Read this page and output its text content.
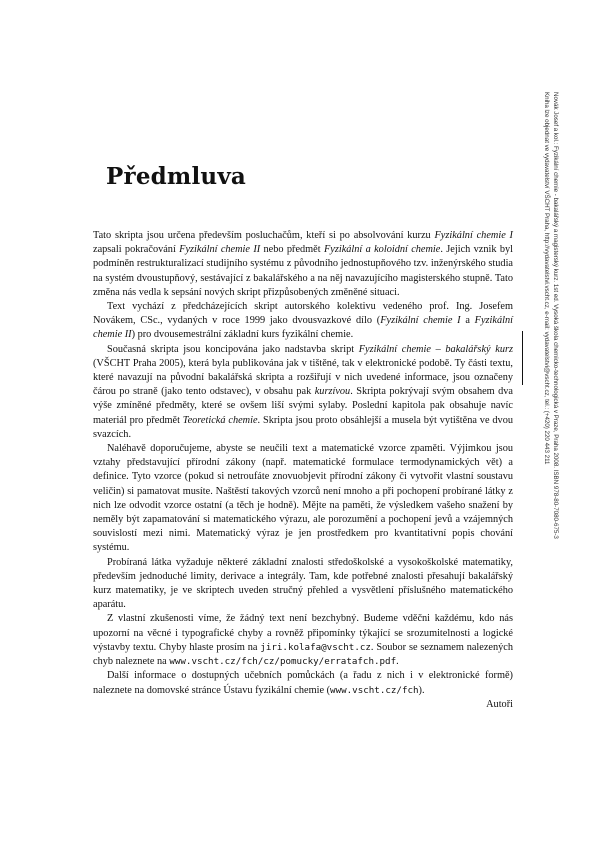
Novák Josef a kol.: Fyzikální chemie - bakalářský a magisterský kurz. 1st ed. Vysoká škola chemicko-technologická v Praze, Praha 2008. ISBN 978-80-7080-675-3
Kniha lze objednat ve vydavatelství VŠCHT Praha, http://vydavatelstvi.vscht.cz, e-mail: vydavatelstvi@vscht.cz, tel.: (+420) 220 443 211
Předmluva

Tato skripta jsou určena především posluchačům, kteří si po absolvování kurzu Fyzikální chemie I zapsali pokračování Fyzikální chemie II nebo předmět Fyzikální a koloidní chemie. Jejich vznik byl podmíněn restrukturalizací studijního systému z původního jednostupňového tzv. inženýrského studia na systém dvoustupňový, sestávající z bakalářského a na něj navazujícího magisterského stupně. Tato změna nás vedla k sepsání nových skript přizpůsobených změněné situaci.

Text vychází z předcházejících skript autorského kolektivu vedeného prof. Ing. Josefem Novákem, CSc., vydaných v roce 1999 jako dvousvazkové dílo (Fyzikální chemie I a Fyzikální chemie II) pro dvousemestrální základní kurs fyzikální chemie.

Současná skripta jsou koncipována jako nadstavba skript Fyzikální chemie – bakalářský kurz (VŠCHT Praha 2005), která byla publikována jak v tištěné, tak v elektronické podobě. Ty části textu, které navazují na původní bakalářská skripta a rozšiřují v nich uvedené informace, jsou označeny čárou po straně (jako tento odstavec), v obsahu pak kurzívou. Skripta pokrývají svým obsahem dva výše zmíněné předměty, které se ovšem liší svými sylaby. Poslední kapitola pak obsahuje navíc materiál pro předmět Teoretická chemie. Skripta jsou proto obsáhlejší a musela být vytištěna ve dvou svazcích.

Naléhavě doporučujeme, abyste se neučili text a matematické vzorce zpaměti. Výjimkou jsou vztahy představující přírodní zákony (např. matematické formulace termodynamických vět) a definice. Tyto vzorce (pokud si netroufáte znovuobjevit přírodní zákony či vytvořit vlastní soustavu veličin) si pamatovat musíte. Naštěstí takových vzorců není mnoho a při pochopení probírané látky z nich lze odvodit vzorce ostatní (a těch je hodně). Mějte na paměti, že výsledkem vašeho snažení by neměly být zapamatování si matematického výrazu, ale porozumění a pochopení jevů a vzájemných souvislostí mezi nimi. Matematický výraz je jen prostředkem pro kvantitativní popis chování systému.

Probíraná látka vyžaduje některé základní znalosti středoškolské a vysokoškolské matematiky, především jednoduché limity, derivace a integrály. Tam, kde potřebné znalosti přesahují bakalářský kurz matematiky, je ve skriptech uveden stručný přehled a vysvětlení příslušného matematického aparátu.

Z vlastní zkušenosti víme, že žádný text není bezchybný. Budeme vděčni každému, kdo nás upozorní na věcné i typografické chyby a rovněž připomínky týkající se srozumitelnosti a logické výstavby textu. Chyby hlaste prosím na jiri.kolafa@vscht.cz. Soubor se seznamem nalezených chyb naleznete na www.vscht.cz/fch/cz/pomucky/erratafch.pdf.

Další informace o dostupných učebních pomůckách (a řadu z nich i v elektronické formě) naleznete na domovské stránce Ústavu fyzikální chemie (www.vscht.cz/fch).

Autoři
